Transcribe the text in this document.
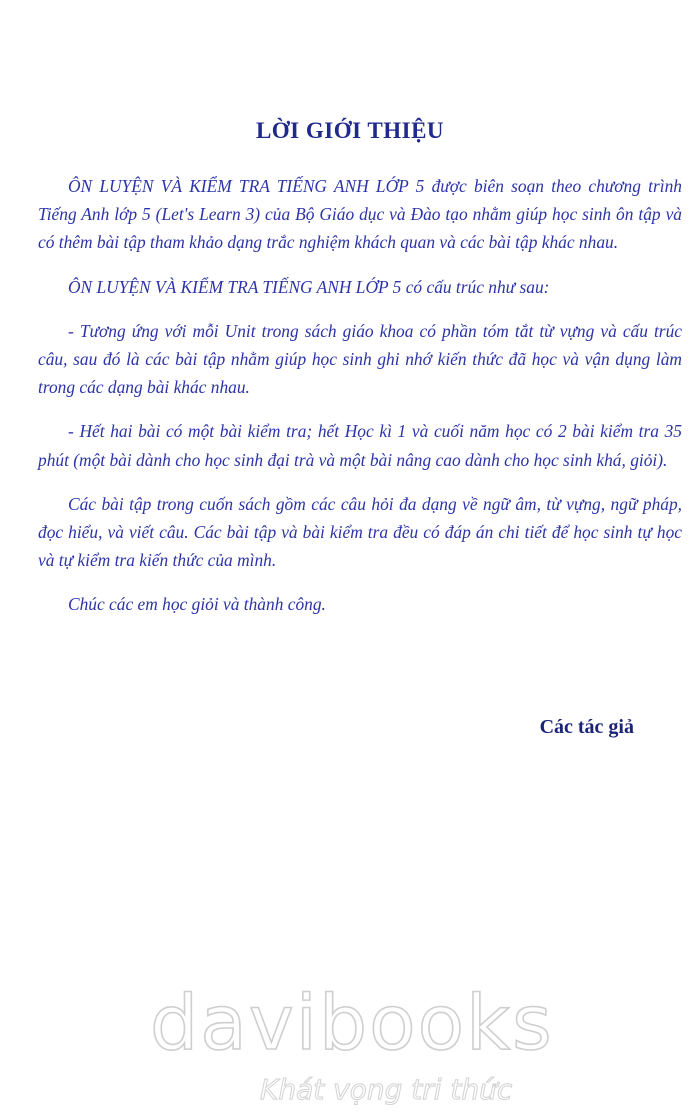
LỜI GIỚI THIỆU

ÔN LUYỆN VÀ KIỂM TRA TIẾNG ANH LỚP 5 được biên soạn theo chương trình Tiếng Anh lớp 5 (Let's Learn 3) của Bộ Giáo dục và Đào tạo nhằm giúp học sinh ôn tập và có thêm bài tập tham khảo dạng trắc nghiệm khách quan và các bài tập khác nhau.

ÔN LUYỆN VÀ KIỂM TRA TIẾNG ANH LỚP 5 có cấu trúc như sau:

- Tương ứng với mỗi Unit trong sách giáo khoa có phần tóm tắt từ vựng và cấu trúc câu, sau đó là các bài tập nhằm giúp học sinh ghi nhớ kiến thức đã học và vận dụng làm trong các dạng bài khác nhau.

- Hết hai bài có một bài kiểm tra; hết Học kì 1 và cuối năm học có 2 bài kiểm tra 35 phút (một bài dành cho học sinh đại trà và một bài nâng cao dành cho học sinh khá, giỏi).

Các bài tập trong cuốn sách gồm các câu hỏi đa dạng về ngữ âm, từ vựng, ngữ pháp, đọc hiểu, và viết câu. Các bài tập và bài kiểm tra đều có đáp án chi tiết để học sinh tự học và tự kiểm tra kiến thức của mình.

Chúc các em học giỏi và thành công.

Các tác giả
davibooks
Khát vọng tri thức
